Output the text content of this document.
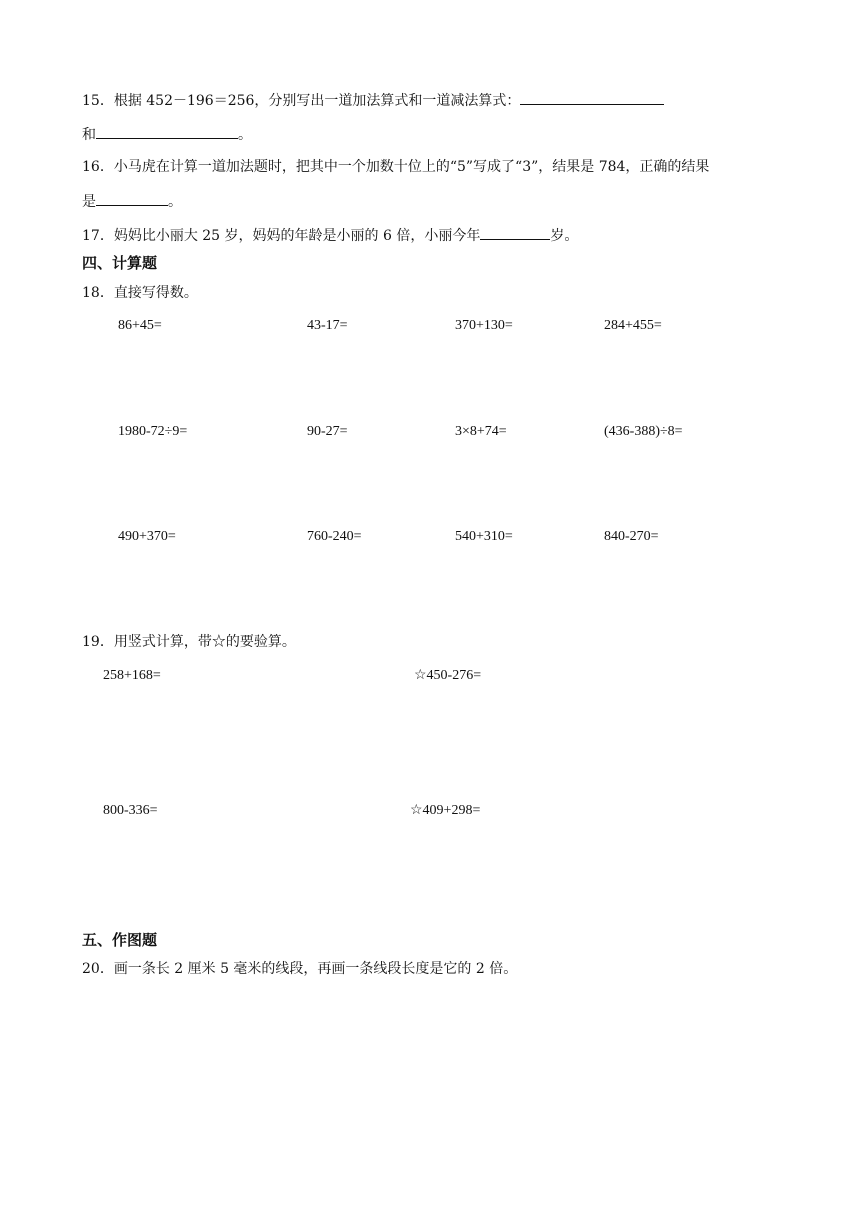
15．根据 452－196＝256，分别写出一道加法算式和一道减法算式：
和	。
16．小马虎在计算一道加法题时，把其中一个加数十位上的“5”写成了“3”，结果是 784，正确的结果
是	。
17．妈妈比小丽大 25 岁，妈妈的年龄是小丽的 6 倍，小丽今年	岁。
四、计算题
18．直接写得数。
86+45=	43-17=	370+130=	284+455=
1980-72÷9=	90-27=	3×8+74=	(436-388)÷8=
490+370=	760-240=	540+310=	840-270=
19．用竖式计算，带☆的要验算。
258+168=	☆450-276=
800-336=	☆409+298=
五、作图题
20．画一条长 2 厘米 5 毫米的线段，再画一条线段长度是它的 2 倍。
